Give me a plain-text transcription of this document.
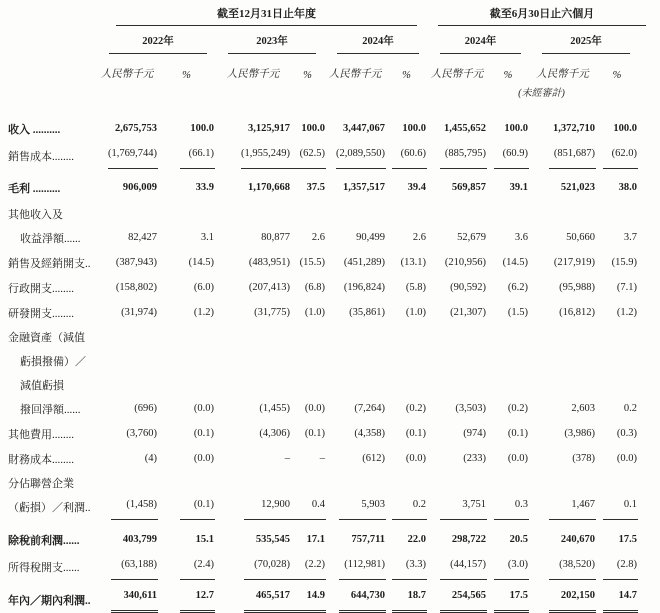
	截至12月31日止年度						截至6月30日止六個月			

	2022年		2023年		2024年		2024年		2025年	

	人民幣千元	%	人民幣千元	%	人民幣千元	%	人民幣千元	%	人民幣千元	%
								(未經審計)		

收入 ..........	2,675,753	100.0	3,125,917	100.0	3,447,067	100.0	1,455,652	100.0	1,372,710	100.0

銷售成本........	(1,769,744)	(66.1)	(1,955,249)	(62.5)	(2,089,550)	(60.6)	(885,795)	(60.9)	(851,687)	(62.0)

毛利 ..........	906,009	33.9	1,170,668	37.5	1,357,517	39.4	569,857	39.1	521,023	38.0

其他收入及
收益淨額......	82,427	3.1	80,877	2.6	90,499	2.6	52,679	3.6	50,660	3.7

銷售及經銷開支..	(387,943)	(14.5)	(483,951)	(15.5)	(451,289)	(13.1)	(210,956)	(14.5)	(217,919)	(15.9)

行政開支........	(158,802)	(6.0)	(207,413)	(6.8)	(196,824)	(5.8)	(90,592)	(6.2)	(95,988)	(7.1)

研發開支........	(31,974)	(1.2)	(31,775)	(1.0)	(35,861)	(1.0)	(21,307)	(1.5)	(16,812)	(1.2)

金融資產（減值
虧損撥備）／
減值虧損
撥回淨額......	(696)	(0.0)	(1,455)	(0.0)	(7,264)	(0.2)	(3,503)	(0.2)	2,603	0.2

其他費用........	(3,760)	(0.1)	(4,306)	(0.1)	(4,358)	(0.1)	(974)	(0.1)	(3,986)	(0.3)

財務成本........	(4)	(0.0)	–	–	(612)	(0.0)	(233)	(0.0)	(378)	(0.0)

分佔聯營企業
（虧損）／利潤..	(1,458)	(0.1)	12,900	0.4	5,903	0.2	3,751	0.3	1,467	0.1

除稅前利潤......	403,799	15.1	535,545	17.1	757,711	22.0	298,722	20.5	240,670	17.5

所得稅開支......	(63,188)	(2.4)	(70,028)	(2.2)	(112,981)	(3.3)	(44,157)	(3.0)	(38,520)	(2.8)

年內／期內利潤..	340,611	12.7	465,517	14.9	644,730	18.7	254,565	17.5	202,150	14.7
